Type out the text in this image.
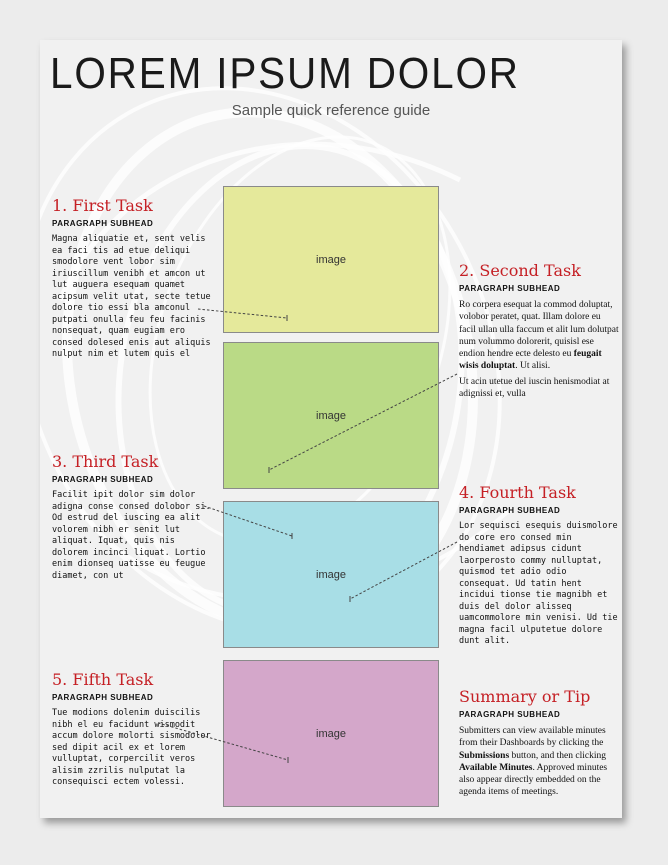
LOREM IPSUM DOLOR
Sample quick reference guide
image
image
image
image
1. First Task
PARAGRAPH SUBHEAD

Magna aliquatie et, sent velis ea faci tis ad etue deliqui smodolore vent lobor sim iriuscillum venibh et amcon ut lut auguera esequam quamet acipsum velit utat, secte tetue dolore tio essi bla amconul putpati onulla feu feu facinis nonsequat, quam eugiam ero consed dolesed enis aut aliquis nulput nim et lutem quis el

2. Second Task
PARAGRAPH SUBHEAD

Ro corpera esequat la commod doluptat, volobor peratet, quat. Illam dolore eu facil ullan ulla faccum et alit lum dolutpat num volummo dolorerit, quisisl ese endion hendre ecte delesto eu feugait wisis doluptat. Ut alisi.

Ut acin utetue del iuscin henismodiat at adignissi et, vulla

3. Third Task
PARAGRAPH SUBHEAD

Facilit ipit dolor sim dolor adigna conse consed dolobor si. Od estrud del iuscing ea alit volorem nibh er senit lut aliquat. Iquat, quis nis dolorem incinci liquat. Lortio enim dionseq uatisse eu feugue diamet, con ut

4. Fourth Task
PARAGRAPH SUBHEAD

Lor sequisci esequis duismolore do core ero consed min hendiamet adipsus cidunt laorperosto commy nulluptat, quismod tet adio odio consequat. Ud tatin hent incidui tionse tie magnibh et duis del dolor alisseq uamcommolore min venisi. Ud tie magna facil ulputetue dolore dunt alit.

5. Fifth Task
PARAGRAPH SUBHEAD

Tue modions dolenim duiscilis nibh el eu facidunt wismodit accum dolore molorti sismodolor sed dipit acil ex et lorem vulluptat, corpercilit veros alisim zzrilis nulputat la consequisci ectem volessi.

Summary or Tip
PARAGRAPH SUBHEAD

Submitters can view available minutes from their Dashboards by clicking the Submissions button, and then clicking Available Minutes. Approved minutes also appear directly embedded on the agenda items of meetings.
